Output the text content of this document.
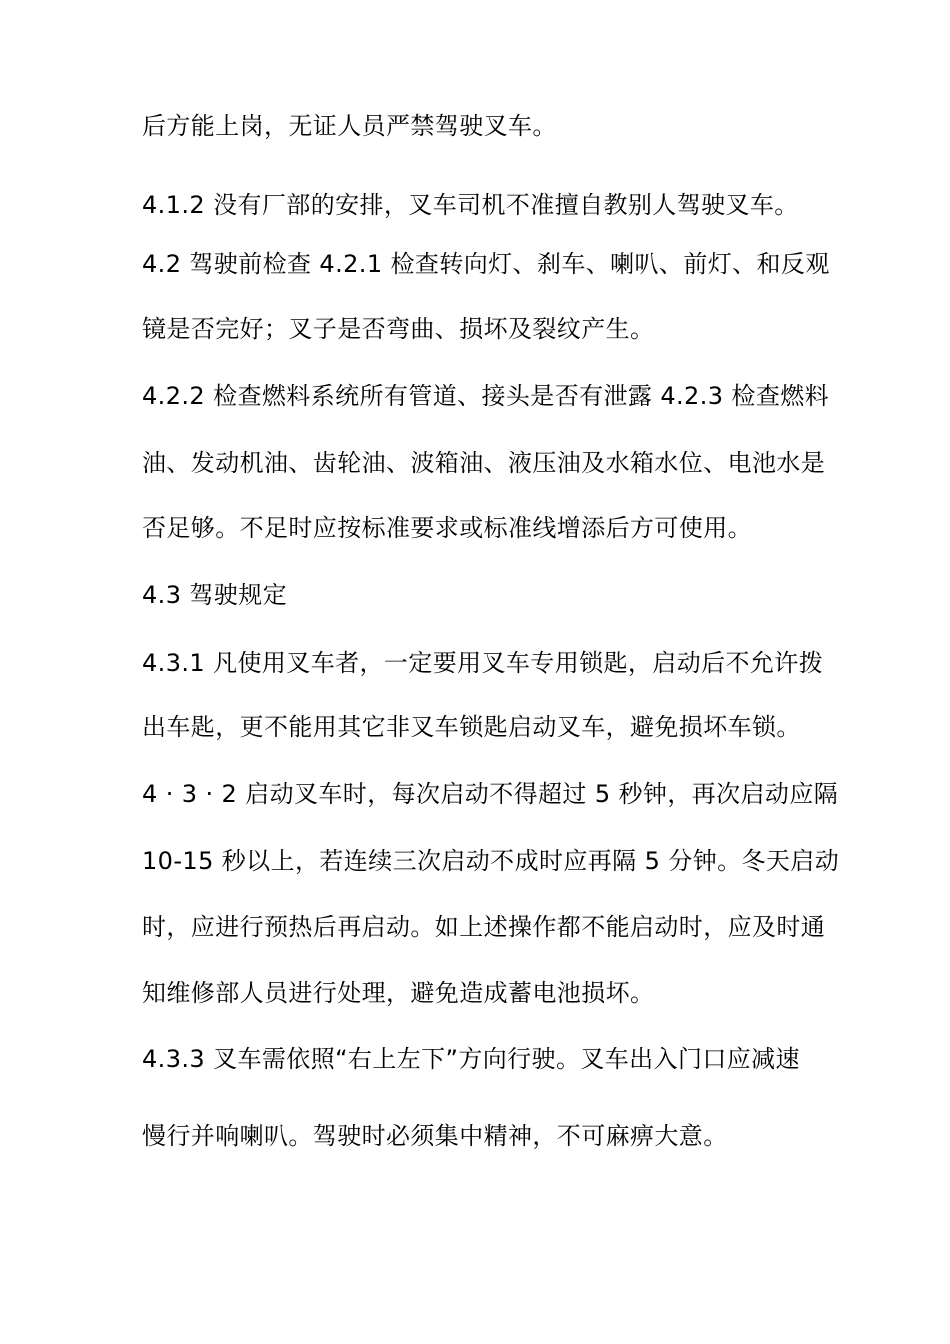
后方能上岗，无证人员严禁驾驶叉车。
4.1.2 没有厂部的安排，叉车司机不准擅自教别人驾驶叉车。
4.2 驾驶前检查 4.2.1 检查转向灯、刹车、喇叭、前灯、和反观
镜是否完好；叉子是否弯曲、损坏及裂纹产生。
4.2.2 检查燃料系统所有管道、接头是否有泄露 4.2.3 检查燃料
油、发动机油、齿轮油、波箱油、液压油及水箱水位、电池水是
否足够。不足时应按标准要求或标准线增添后方可使用。
4.3 驾驶规定
4.3.1 凡使用叉车者，一定要用叉车专用锁匙，启动后不允许拨
出车匙，更不能用其它非叉车锁匙启动叉车，避免损坏车锁。
4 · 3 · 2 启动叉车时，每次启动不得超过 5 秒钟，再次启动应隔
10-15 秒以上，若连续三次启动不成时应再隔 5 分钟。冬天启动
时，应进行预热后再启动。如上述操作都不能启动时，应及时通
知维修部人员进行处理，避免造成蓄电池损坏。
4.3.3 叉车需依照“右上左下”方向行驶。叉车出入门口应减速
慢行并响喇叭。驾驶时必须集中精神，不可麻痹大意。
